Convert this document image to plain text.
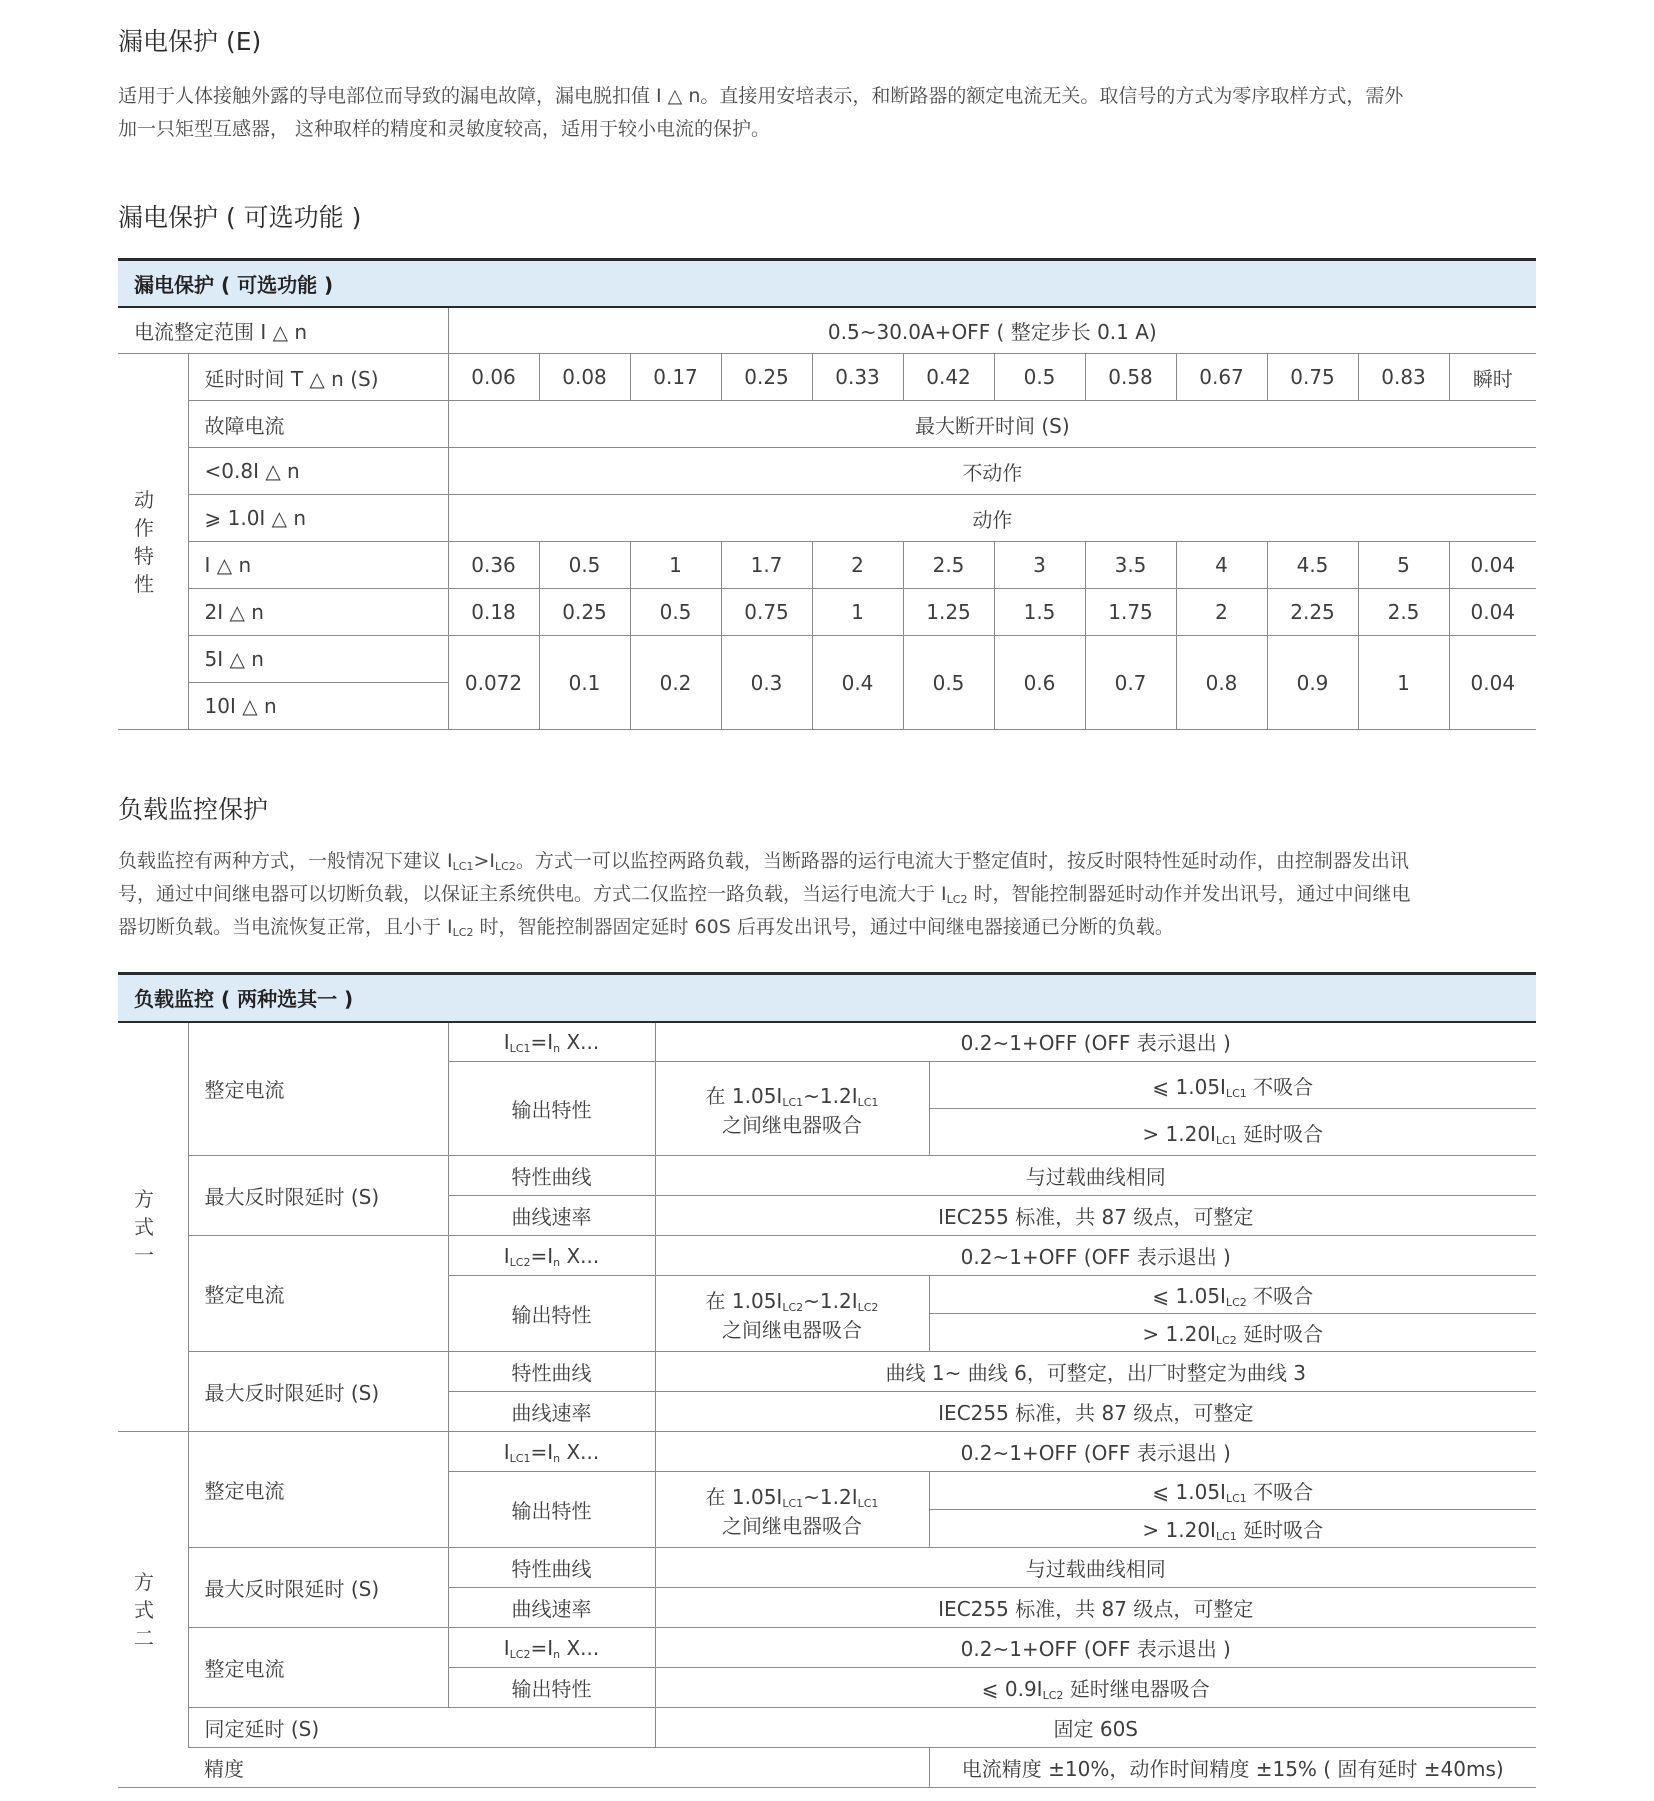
漏电保护 (E)

适用于人体接触外露的导电部位而导致的漏电故障，漏电脱扣值 I △ n。直接用安培表示，和断路器的额定电流无关。取信号的方式为零序取样方式，需外
加一只矩型互感器， 这种取样的精度和灵敏度较高，适用于较小电流的保护。

漏电保护 ( 可选功能 )
漏电保护 ( 可选功能 )													
电流整定范围 I △ n		0.5~30.0A+OFF ( 整定步长 0.1 A)											
动
作
特
性	延时时间 T △ n (S)	0.06	0.08	0.17	0.25	0.33	0.42	0.5	0.58	0.67	0.75	0.83	瞬时
	故障电流	最大断开时间 (S)											
	<0.8I △ n	不动作											
	⩾ 1.0I △ n	动作											
	I △ n	0.36	0.5	1	1.7	2	2.5	3	3.5	4	4.5	5	0.04
	2I △ n	0.18	0.25	0.5	0.75	1	1.25	1.5	1.75	2	2.25	2.5	0.04
	5I △ n	0.072	0.1	0.2	0.3	0.4	0.5	0.6	0.7	0.8	0.9	1	0.04
	10I △ n												
负载监控保护

负载监控有两种方式，一般情况下建议 $I_{LC1}>I_{LC2}$。方式一可以监控两路负载，当断路器的运行电流大于整定值时，按反时限特性延时动作，由控制器发出讯
号，通过中间继电器可以切断负载，以保证主系统供电。方式二仅监控一路负载，当运行电流大于 $I_{LC2}$ 时，智能控制器延时动作并发出讯号，通过中间继电
器切断负载。当电流恢复正常，且小于 $I_{LC2}$ 时，智能控制器固定延时 60S 后再发出讯号，通过中间继电器接通已分断的负载。

负载监控 ( 两种选其一 )				
方
式
一	整定电流	$I_{LC1}=I_n$ X...	0.2~1+OFF (OFF 表示退出 )	
		输出特性	在 $1.05I_{LC1}\sim 1.2I_{LC1}$
之间继电器吸合	⩽ $1.05I_{LC1}$ 不吸合
				> $1.20I_{LC1}$ 延时吸合
	最大反时限延时 (S)	特性曲线	与过载曲线相同	
		曲线速率	IEC255 标准，共 87 级点，可整定	
	整定电流	$I_{LC2}=I_n$ X...	0.2~1+OFF (OFF 表示退出 )	
		输出特性	在 $1.05I_{LC2}\sim 1.2I_{LC2}$
之间继电器吸合	⩽ $1.05I_{LC2}$ 不吸合
				> $1.20I_{LC2}$ 延时吸合
	最大反时限延时 (S)	特性曲线	曲线 1~ 曲线 6，可整定，出厂时整定为曲线 3	
		曲线速率	IEC255 标准，共 87 级点，可整定	
方
式
二	整定电流	$I_{LC1}=I_n$ X...	0.2~1+OFF (OFF 表示退出 )	
		输出特性	在 $1.05I_{LC1}\sim 1.2I_{LC1}$
之间继电器吸合	⩽ $1.05I_{LC1}$ 不吸合
				> $1.20I_{LC1}$ 延时吸合
	最大反时限延时 (S)	特性曲线	与过载曲线相同	
		曲线速率	IEC255 标准，共 87 级点，可整定	
	整定电流	$I_{LC2}=I_n$ X...	0.2~1+OFF (OFF 表示退出 )	
		输出特性	⩽ $0.9I_{LC2}$ 延时继电器吸合	
	同定延时 (S)		固定 60S	
	精度			电流精度 ±10%，动作时间精度 ±15% ( 固有延时 ±40ms)
